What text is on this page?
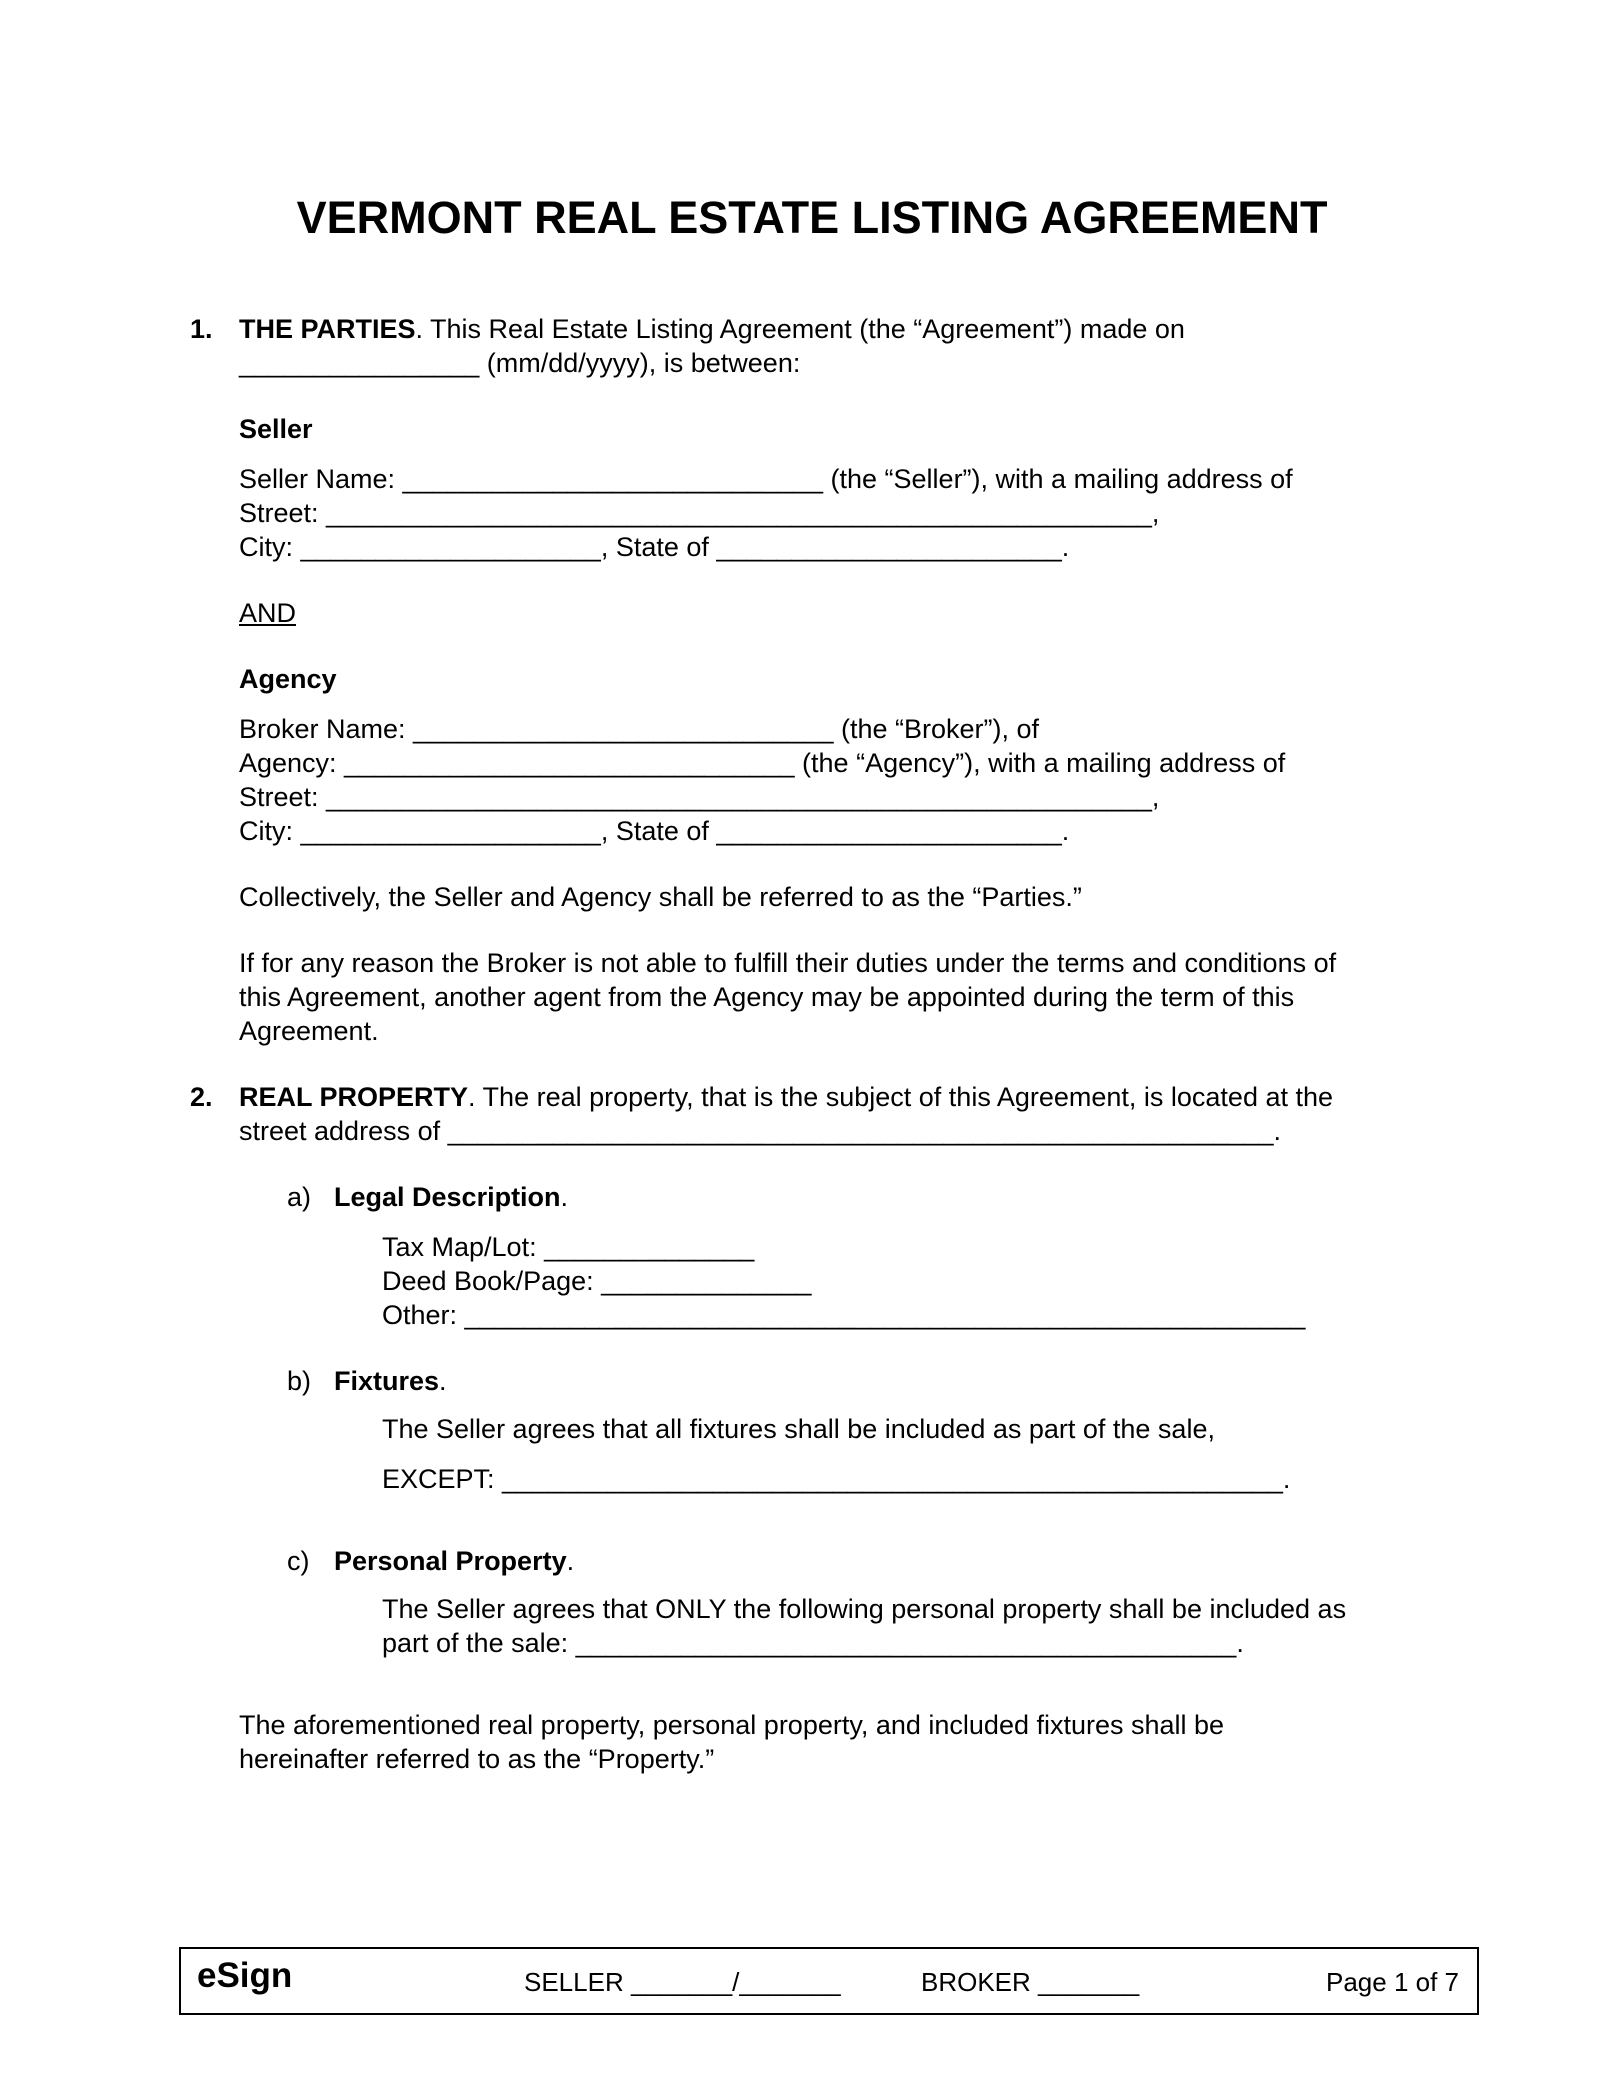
VERMONT REAL ESTATE LISTING AGREEMENT
1. THE PARTIES. This Real Estate Listing Agreement (the “Agreement”) made on
________________ (mm/dd/yyyy), is between:
Seller
Seller Name: ____________________________ (the “Seller”), with a mailing address of
Street: _______________________________________________________,
City: ____________________, State of _______________________.
AND
Agency
Broker Name: ____________________________ (the “Broker”), of
Agency: ______________________________ (the “Agency”), with a mailing address of
Street: _______________________________________________________,
City: ____________________, State of _______________________.
Collectively, the Seller and Agency shall be referred to as the “Parties.”
If for any reason the Broker is not able to fulfill their duties under the terms and conditions of
this Agreement, another agent from the Agency may be appointed during the term of this
Agreement.
2. REAL PROPERTY. The real property, that is the subject of this Agreement, is located at the
street address of _______________________________________________________.
a) Legal Description.
Tax Map/Lot: ______________
Deed Book/Page: ______________
Other: ________________________________________________________
b) Fixtures.
The Seller agrees that all fixtures shall be included as part of the sale,
EXCEPT: ____________________________________________________.
c) Personal Property.
The Seller agrees that ONLY the following personal property shall be included as
part of the sale: ____________________________________________.
The aforementioned real property, personal property, and included fixtures shall be
hereinafter referred to as the “Property.”
eSign	SELLER _______/_______	BROKER _______	Page 1 of 7
